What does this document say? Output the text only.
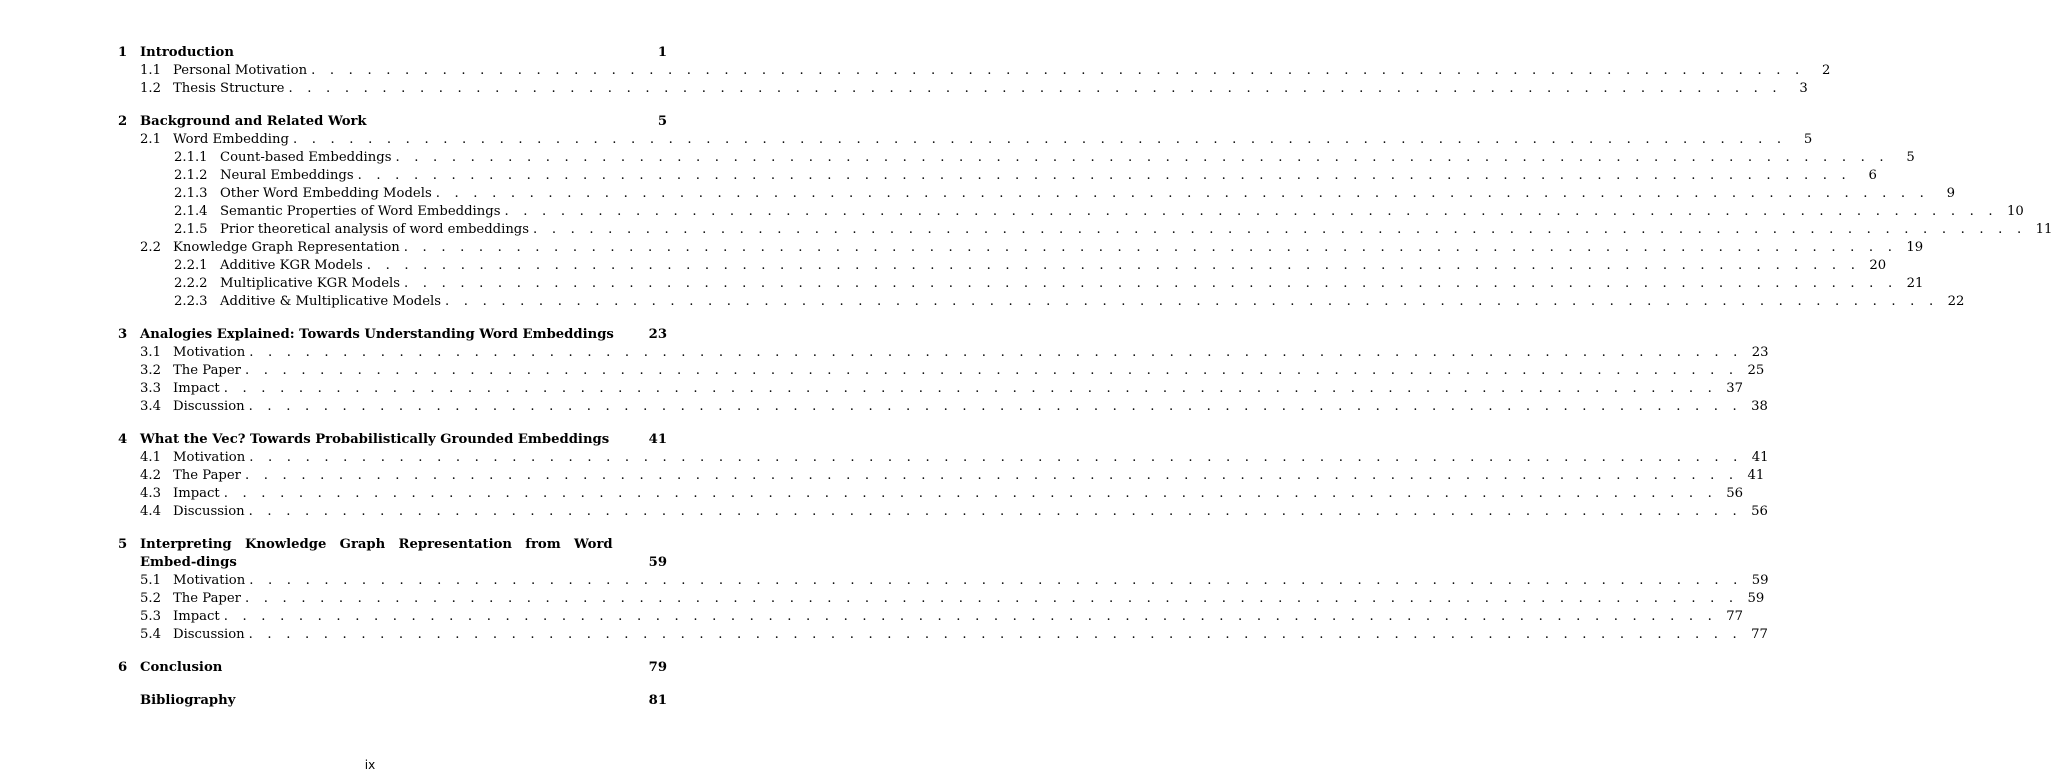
1 Introduction	1
1.1 Personal Motivation . . . . . . . . . . . . . . . . . . . . . . . . . . . . . . . . . . . . . . . . . . . . . . . . . . . . . . . . . . . . . . . . . . . . . . . . . . . . . . . .	2
1.2 Thesis Structure . . . . . . . . . . . . . . . . . . . . . . . . . . . . . . . . . . . . . . . . . . . . . . . . . . . . . . . . . . . . . . . . . . . . . . . . . . . . . . . .	3
2 Background and Related Work	5
2.1 Word Embedding . . . . . . . . . . . . . . . . . . . . . . . . . . . . . . . . . . . . . . . . . . . . . . . . . . . . . . . . . . . . . . . . . . . . . . . . . . . . . . . .	5
2.1.1 Count-based Embeddings . . . . . . . . . . . . . . . . . . . . . . . . . . . . . . . . . . . . . . . . . . . . . . . . . . . . . . . . . . . . . . . . . . . . . . . . . . . . . . . .	5
2.1.2 Neural Embeddings . . . . . . . . . . . . . . . . . . . . . . . . . . . . . . . . . . . . . . . . . . . . . . . . . . . . . . . . . . . . . . . . . . . . . . . . . . . . . . . .	6
2.1.3 Other Word Embedding Models . . . . . . . . . . . . . . . . . . . . . . . . . . . . . . . . . . . . . . . . . . . . . . . . . . . . . . . . . . . . . . . . . . . . . . . . . . . . . . . .	9
2.1.4 Semantic Properties of Word Embeddings . . . . . . . . . . . . . . . . . . . . . . . . . . . . . . . . . . . . . . . . . . . . . . . . . . . . . . . . . . . . . . . . . . . . . . . . . . . . . . . . 10
2.1.5 Prior theoretical analysis of word embeddings . . . . . . . . . . . . . . . . . . . . . . . . . . . . . . . . . . . . . . . . . . . . . . . . . . . . . . . . . . . . . . . . . . . . . . . . . . . . . . . . 11
2.2 Knowledge Graph Representation . . . . . . . . . . . . . . . . . . . . . . . . . . . . . . . . . . . . . . . . . . . . . . . . . . . . . . . . . . . . . . . . . . . . . . . . . . . . . . . . 19
2.2.1 Additive KGR Models . . . . . . . . . . . . . . . . . . . . . . . . . . . . . . . . . . . . . . . . . . . . . . . . . . . . . . . . . . . . . . . . . . . . . . . . . . . . . . . . 20
2.2.2 Multiplicative KGR Models . . . . . . . . . . . . . . . . . . . . . . . . . . . . . . . . . . . . . . . . . . . . . . . . . . . . . . . . . . . . . . . . . . . . . . . . . . . . . . . . 21
2.2.3 Additive & Multiplicative Models . . . . . . . . . . . . . . . . . . . . . . . . . . . . . . . . . . . . . . . . . . . . . . . . . . . . . . . . . . . . . . . . . . . . . . . . . . . . . . . . 22
3 Analogies Explained: Towards Understanding Word Embeddings	23
3.1 Motivation . . . . . . . . . . . . . . . . . . . . . . . . . . . . . . . . . . . . . . . . . . . . . . . . . . . . . . . . . . . . . . . . . . . . . . . . . . . . . . . . 23
3.2 The Paper . . . . . . . . . . . . . . . . . . . . . . . . . . . . . . . . . . . . . . . . . . . . . . . . . . . . . . . . . . . . . . . . . . . . . . . . . . . . . . . . 25
3.3 Impact . . . . . . . . . . . . . . . . . . . . . . . . . . . . . . . . . . . . . . . . . . . . . . . . . . . . . . . . . . . . . . . . . . . . . . . . . . . . . . . . 37
3.4 Discussion . . . . . . . . . . . . . . . . . . . . . . . . . . . . . . . . . . . . . . . . . . . . . . . . . . . . . . . . . . . . . . . . . . . . . . . . . . . . . . . . 38
4 What the Vec? Towards Probabilistically Grounded Embeddings	41
4.1 Motivation . . . . . . . . . . . . . . . . . . . . . . . . . . . . . . . . . . . . . . . . . . . . . . . . . . . . . . . . . . . . . . . . . . . . . . . . . . . . . . . . 41
4.2 The Paper . . . . . . . . . . . . . . . . . . . . . . . . . . . . . . . . . . . . . . . . . . . . . . . . . . . . . . . . . . . . . . . . . . . . . . . . . . . . . . . . 41
4.3 Impact . . . . . . . . . . . . . . . . . . . . . . . . . . . . . . . . . . . . . . . . . . . . . . . . . . . . . . . . . . . . . . . . . . . . . . . . . . . . . . . . 56
4.4 Discussion . . . . . . . . . . . . . . . . . . . . . . . . . . . . . . . . . . . . . . . . . . . . . . . . . . . . . . . . . . . . . . . . . . . . . . . . . . . . . . . . 56
5 Interpreting Knowledge Graph Representation from Word Embed-dings	59
5.1 Motivation . . . . . . . . . . . . . . . . . . . . . . . . . . . . . . . . . . . . . . . . . . . . . . . . . . . . . . . . . . . . . . . . . . . . . . . . . . . . . . . . 59
5.2 The Paper . . . . . . . . . . . . . . . . . . . . . . . . . . . . . . . . . . . . . . . . . . . . . . . . . . . . . . . . . . . . . . . . . . . . . . . . . . . . . . . . 59
5.3 Impact . . . . . . . . . . . . . . . . . . . . . . . . . . . . . . . . . . . . . . . . . . . . . . . . . . . . . . . . . . . . . . . . . . . . . . . . . . . . . . . . 77
5.4 Discussion . . . . . . . . . . . . . . . . . . . . . . . . . . . . . . . . . . . . . . . . . . . . . . . . . . . . . . . . . . . . . . . . . . . . . . . . . . . . . . . . 77
6 Conclusion	79
Bibliography	81
ix
